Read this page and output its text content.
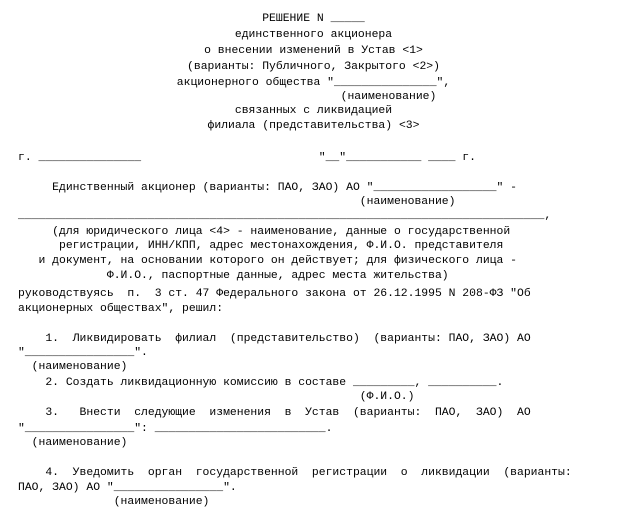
РЕШЕНИЕ N _____
единственного акционера
о внесении изменений в Устав <1>
(варианты: Публичного, Закрытого <2>)
акционерного общества "_______________",
(наименование)
связанных с ликвидацией
филиала (представительства) <3>
г. _______________                          "__"___________ ____ г.
Единственный акционер (варианты: ПАО, ЗАО) АО "__________________" -
(наименование)
_____________________________________________________________________________,
(для юридического лица <4> - наименование, данные о государственной
регистрации, ИНН/КПП, адрес местонахождения, Ф.И.О. представителя
и документ, на основании которого он действует; для физического лица -
Ф.И.О., паспортные данные, адрес места жительства)
руководствуясь  п.  3 ст. 47 Федерального закона от 26.12.1995 N 208-ФЗ "Об
акционерных обществах", решил:
1.  Ликвидировать  филиал  (представительство)  (варианты: ПАО, ЗАО) АО
"________________".
(наименование)
2. Создать ликвидационную комиссию в составе _________, __________.
(Ф.И.О.)
3.   Внести  следующие  изменения  в  Устав  (варианты:  ПАО,  ЗАО)  АО
"________________": _________________________.
(наименование)
4.  Уведомить  орган  государственной  регистрации  о  ликвидации  (варианты:
ПАО, ЗАО) АО "________________".
(наименование)
